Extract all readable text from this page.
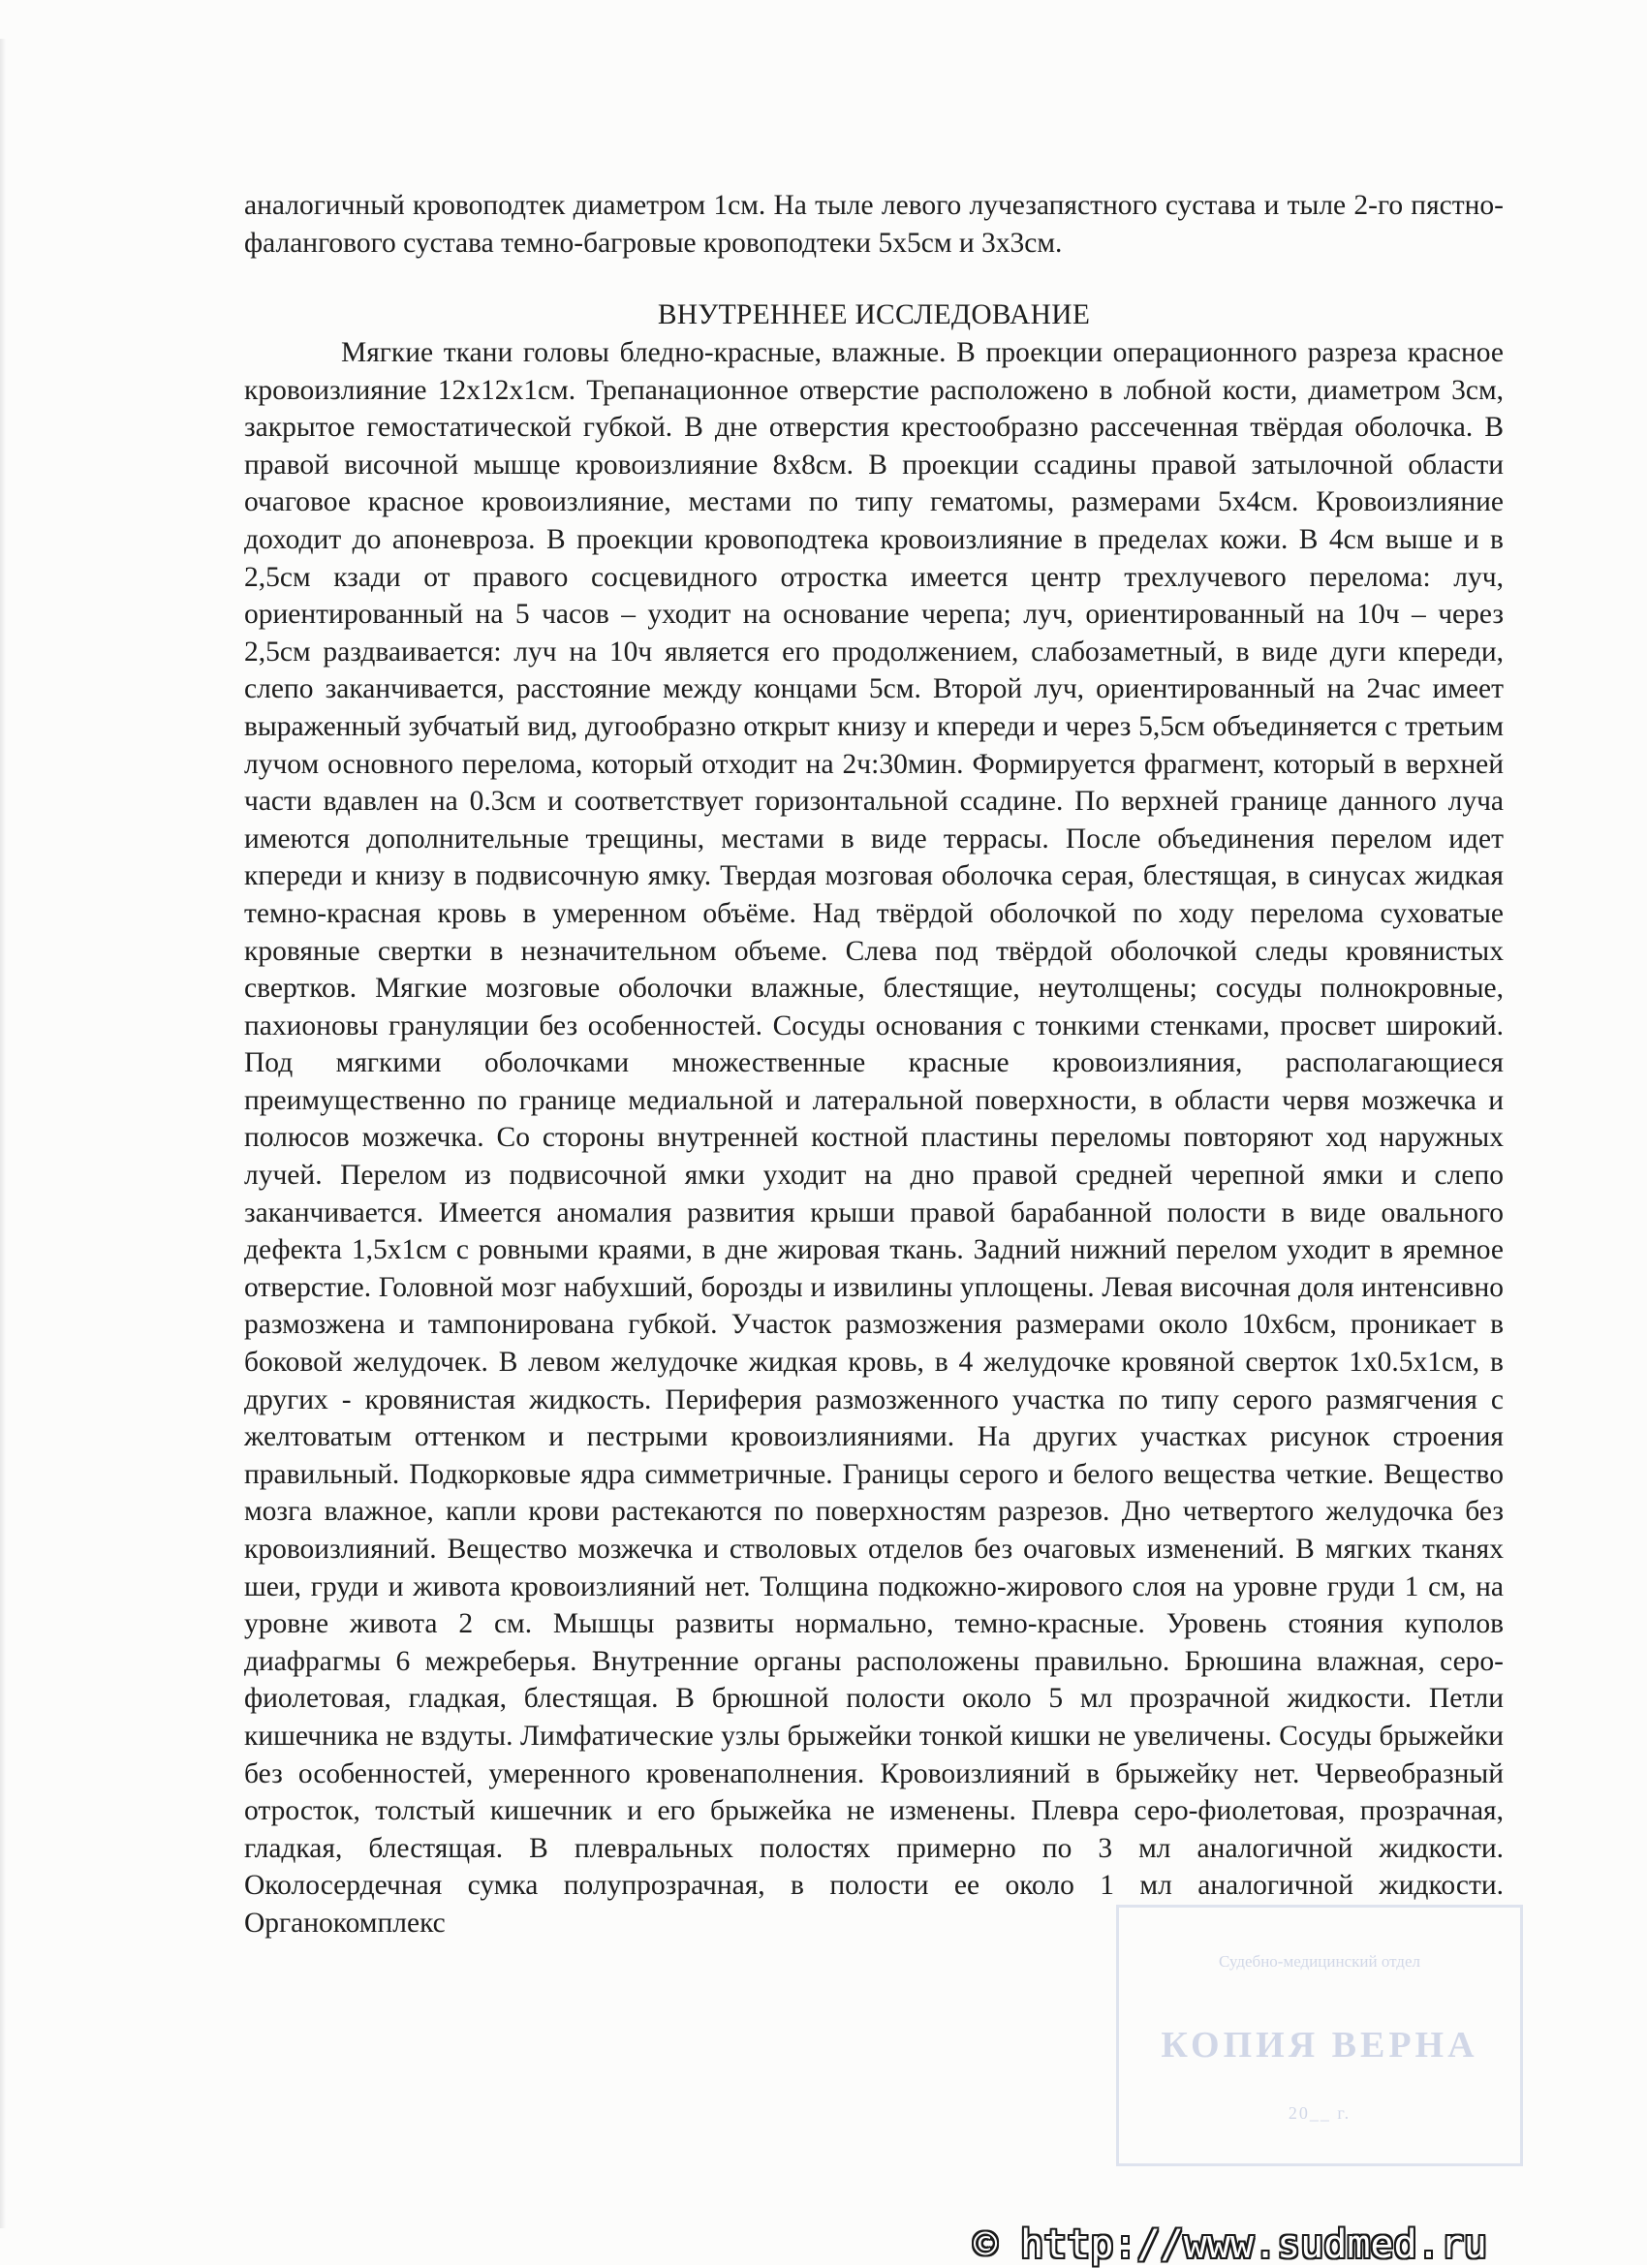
аналогичный кровоподтек диаметром 1см. На тыле левого лучезапястного сустава и тыле 2-го пястно-фалангового сустава темно-багровые кровоподтеки 5х5см и 3х3см.

ВНУТРЕННЕЕ ИССЛЕДОВАНИЕ

Мягкие ткани головы бледно-красные, влажные. В проекции операционного разреза красное кровоизлияние 12х12х1см. Трепанационное отверстие расположено в лобной кости, диаметром 3см, закрытое гемостатической губкой. В дне отверстия крестообразно рассеченная твёрдая оболочка. В правой височной мышце кровоизлияние 8х8см. В проекции ссадины правой затылочной области очаговое красное кровоизлияние, местами по типу гематомы, размерами 5х4см. Кровоизлияние доходит до апоневроза. В проекции кровоподтека кровоизлияние в пределах кожи. В 4см выше и в 2,5см кзади от правого сосцевидного отростка имеется центр трехлучевого перелома: луч, ориентированный на 5 часов – уходит на основание черепа; луч, ориентированный на 10ч – через 2,5см раздваивается: луч на 10ч является его продолжением, слабозаметный, в виде дуги кпереди, слепо заканчивается, расстояние между концами 5см. Второй луч, ориентированный на 2час имеет выраженный зубчатый вид, дугообразно открыт книзу и кпереди и через 5,5см объединяется с третьим лучом основного перелома, который отходит на 2ч:30мин. Формируется фрагмент, который в верхней части вдавлен на 0.3см и соответствует горизонтальной ссадине. По верхней границе данного луча имеются дополнительные трещины, местами в виде террасы. После объединения перелом идет кпереди и книзу в подвисочную ямку. Твердая мозговая оболочка серая, блестящая, в синусах жидкая темно-красная кровь в умеренном объёме. Над твёрдой оболочкой по ходу перелома суховатые кровяные свертки в незначительном объеме. Слева под твёрдой оболочкой следы кровянистых свертков. Мягкие мозговые оболочки влажные, блестящие, неутолщены; сосуды полнокровные, пахионовы грануляции без особенностей. Сосуды основания с тонкими стенками, просвет широкий. Под мягкими оболочками множественные красные кровоизлияния, располагающиеся преимущественно по границе медиальной и латеральной поверхности, в области червя мозжечка и полюсов мозжечка. Со стороны внутренней костной пластины переломы повторяют ход наружных лучей. Перелом из подвисочной ямки уходит на дно правой средней черепной ямки и слепо заканчивается. Имеется аномалия развития крыши правой барабанной полости в виде овального дефекта 1,5х1см с ровными краями, в дне жировая ткань. Задний нижний перелом уходит в яремное отверстие. Головной мозг набухший, борозды и извилины уплощены. Левая височная доля интенсивно размозжена и тампонирована губкой. Участок размозжения размерами около 10х6см, проникает в боковой желудочек. В левом желудочке жидкая кровь, в 4 желудочке кровяной сверток 1х0.5х1см, в других - кровянистая жидкость. Периферия размозженного участка по типу серого размягчения с желтоватым оттенком и пестрыми кровоизлияниями. На других участках рисунок строения правильный. Подкорковые ядра симметричные. Границы серого и белого вещества четкие. Вещество мозга влажное, капли крови растекаются по поверхностям разрезов. Дно четвертого желудочка без кровоизлияний. Вещество мозжечка и стволовых отделов без очаговых изменений. В мягких тканях шеи, груди и живота кровоизлияний нет. Толщина подкожно-жирового слоя на уровне груди 1 см, на уровне живота 2 см. Мышцы развиты нормально, темно-красные. Уровень стояния куполов диафрагмы 6 межреберья. Внутренние органы расположены правильно. Брюшина влажная, серо-фиолетовая, гладкая, блестящая. В брюшной полости около 5 мл прозрачной жидкости. Петли кишечника не вздуты. Лимфатические узлы брыжейки тонкой кишки не увеличены. Сосуды брыжейки без особенностей, умеренного кровенаполнения. Кровоизлияний в брыжейку нет. Червеобразный отросток, толстый кишечник и его брыжейка не изменены. Плевра серо-фиолетовая, прозрачная, гладкая, блестящая. В плевральных полостях примерно по 3 мл аналогичной жидкости. Околосердечная сумка полупрозрачная, в полости ее около 1 мл аналогичной жидкости. Органокомплекс

Судебно-медицинский отдел
КОПИЯ ВЕРНА
20__ г.
© http://www.sudmed.ru
